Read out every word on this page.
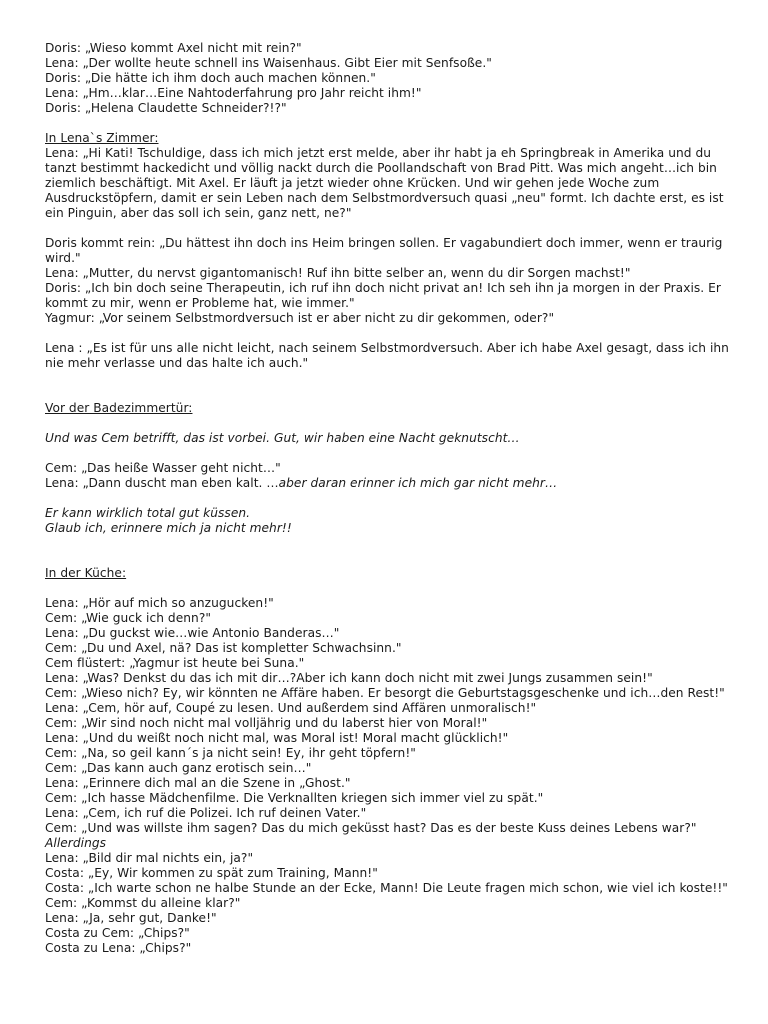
Doris: „Wieso kommt Axel nicht mit rein?"

Lena: „Der wollte heute schnell ins Waisenhaus. Gibt Eier mit Senfsoße."

Doris: „Die hätte ich ihm doch auch machen können."

Lena: „Hm…klar…Eine Nahtoderfahrung pro Jahr reicht ihm!"

Doris: „Helena Claudette Schneider?!?"

In Lena`s Zimmer:

Lena: „Hi Kati! Tschuldige, dass ich mich jetzt erst melde, aber ihr habt ja eh Springbreak in Amerika und du tanzt bestimmt hackedicht und völlig nackt durch die Poollandschaft von Brad Pitt. Was mich angeht…ich bin ziemlich beschäftigt. Mit Axel. Er läuft ja jetzt wieder ohne Krücken. Und wir gehen jede Woche zum Ausdruckstöpfern, damit er sein Leben nach dem Selbstmordversuch quasi „neu" formt. Ich dachte erst, es ist ein Pinguin, aber das soll ich sein, ganz nett, ne?"

Doris kommt rein: „Du hättest ihn doch ins Heim bringen sollen. Er vagabundiert doch immer, wenn er traurig wird."

Lena: „Mutter, du nervst gigantomanisch! Ruf ihn bitte selber an, wenn du dir Sorgen machst!"

Doris: „Ich bin doch seine Therapeutin, ich ruf ihn doch nicht privat an! Ich seh ihn ja morgen in der Praxis. Er kommt zu mir, wenn er Probleme hat, wie immer."

Yagmur: „Vor seinem Selbstmordversuch ist er aber nicht zu dir gekommen, oder?"

Lena : „Es ist für uns alle nicht leicht, nach seinem Selbstmordversuch. Aber ich habe Axel gesagt, dass ich ihn nie mehr verlasse und das halte ich auch."

Vor der Badezimmertür:

Und was Cem betrifft, das ist vorbei. Gut, wir haben eine Nacht geknutscht…

Cem: „Das heiße Wasser geht nicht…"

Lena: „Dann duscht man eben kalt. …aber daran erinner ich mich gar nicht mehr…

Er kann wirklich total gut küssen.

Glaub ich, erinnere mich ja nicht mehr!!

In der Küche:

Lena: „Hör auf mich so anzugucken!"

Cem: „Wie guck ich denn?"

Lena: „Du guckst wie…wie Antonio Banderas…"

Cem: „Du und Axel, nä? Das ist kompletter Schwachsinn."

Cem flüstert: „Yagmur ist heute bei Suna."

Lena: „Was? Denkst du das ich mit dir…?Aber ich kann doch nicht mit zwei Jungs zusammen sein!"

Cem: „Wieso nich? Ey, wir könnten ne Affäre haben. Er besorgt die Geburtstagsgeschenke und ich…den Rest!"

Lena: „Cem, hör auf, Coupé zu lesen. Und außerdem sind Affären unmoralisch!"

Cem: „Wir sind noch nicht mal volljährig und du laberst hier von Moral!"

Lena: „Und du weißt noch nicht mal, was Moral ist! Moral macht glücklich!"

Cem: „Na, so geil kann´s ja nicht sein! Ey, ihr geht töpfern!"

Cem: „Das kann auch ganz erotisch sein…"

Lena: „Erinnere dich mal an die Szene in „Ghost."

Cem: „Ich hasse Mädchenfilme. Die Verknallten kriegen sich immer viel zu spät."

Lena: „Cem, ich ruf die Polizei. Ich ruf deinen Vater."

Cem: „Und was willste ihm sagen? Das du mich geküsst hast? Das es der beste Kuss deines Lebens war?"

Allerdings

Lena: „Bild dir mal nichts ein, ja?"

Costa: „Ey, Wir kommen zu spät zum Training, Mann!"

Costa: „Ich warte schon ne halbe Stunde an der Ecke, Mann! Die Leute fragen mich schon, wie viel ich koste!!"

Cem: „Kommst du alleine klar?"

Lena: „Ja, sehr gut, Danke!"

Costa zu Cem: „Chips?"

Costa zu Lena: „Chips?"
